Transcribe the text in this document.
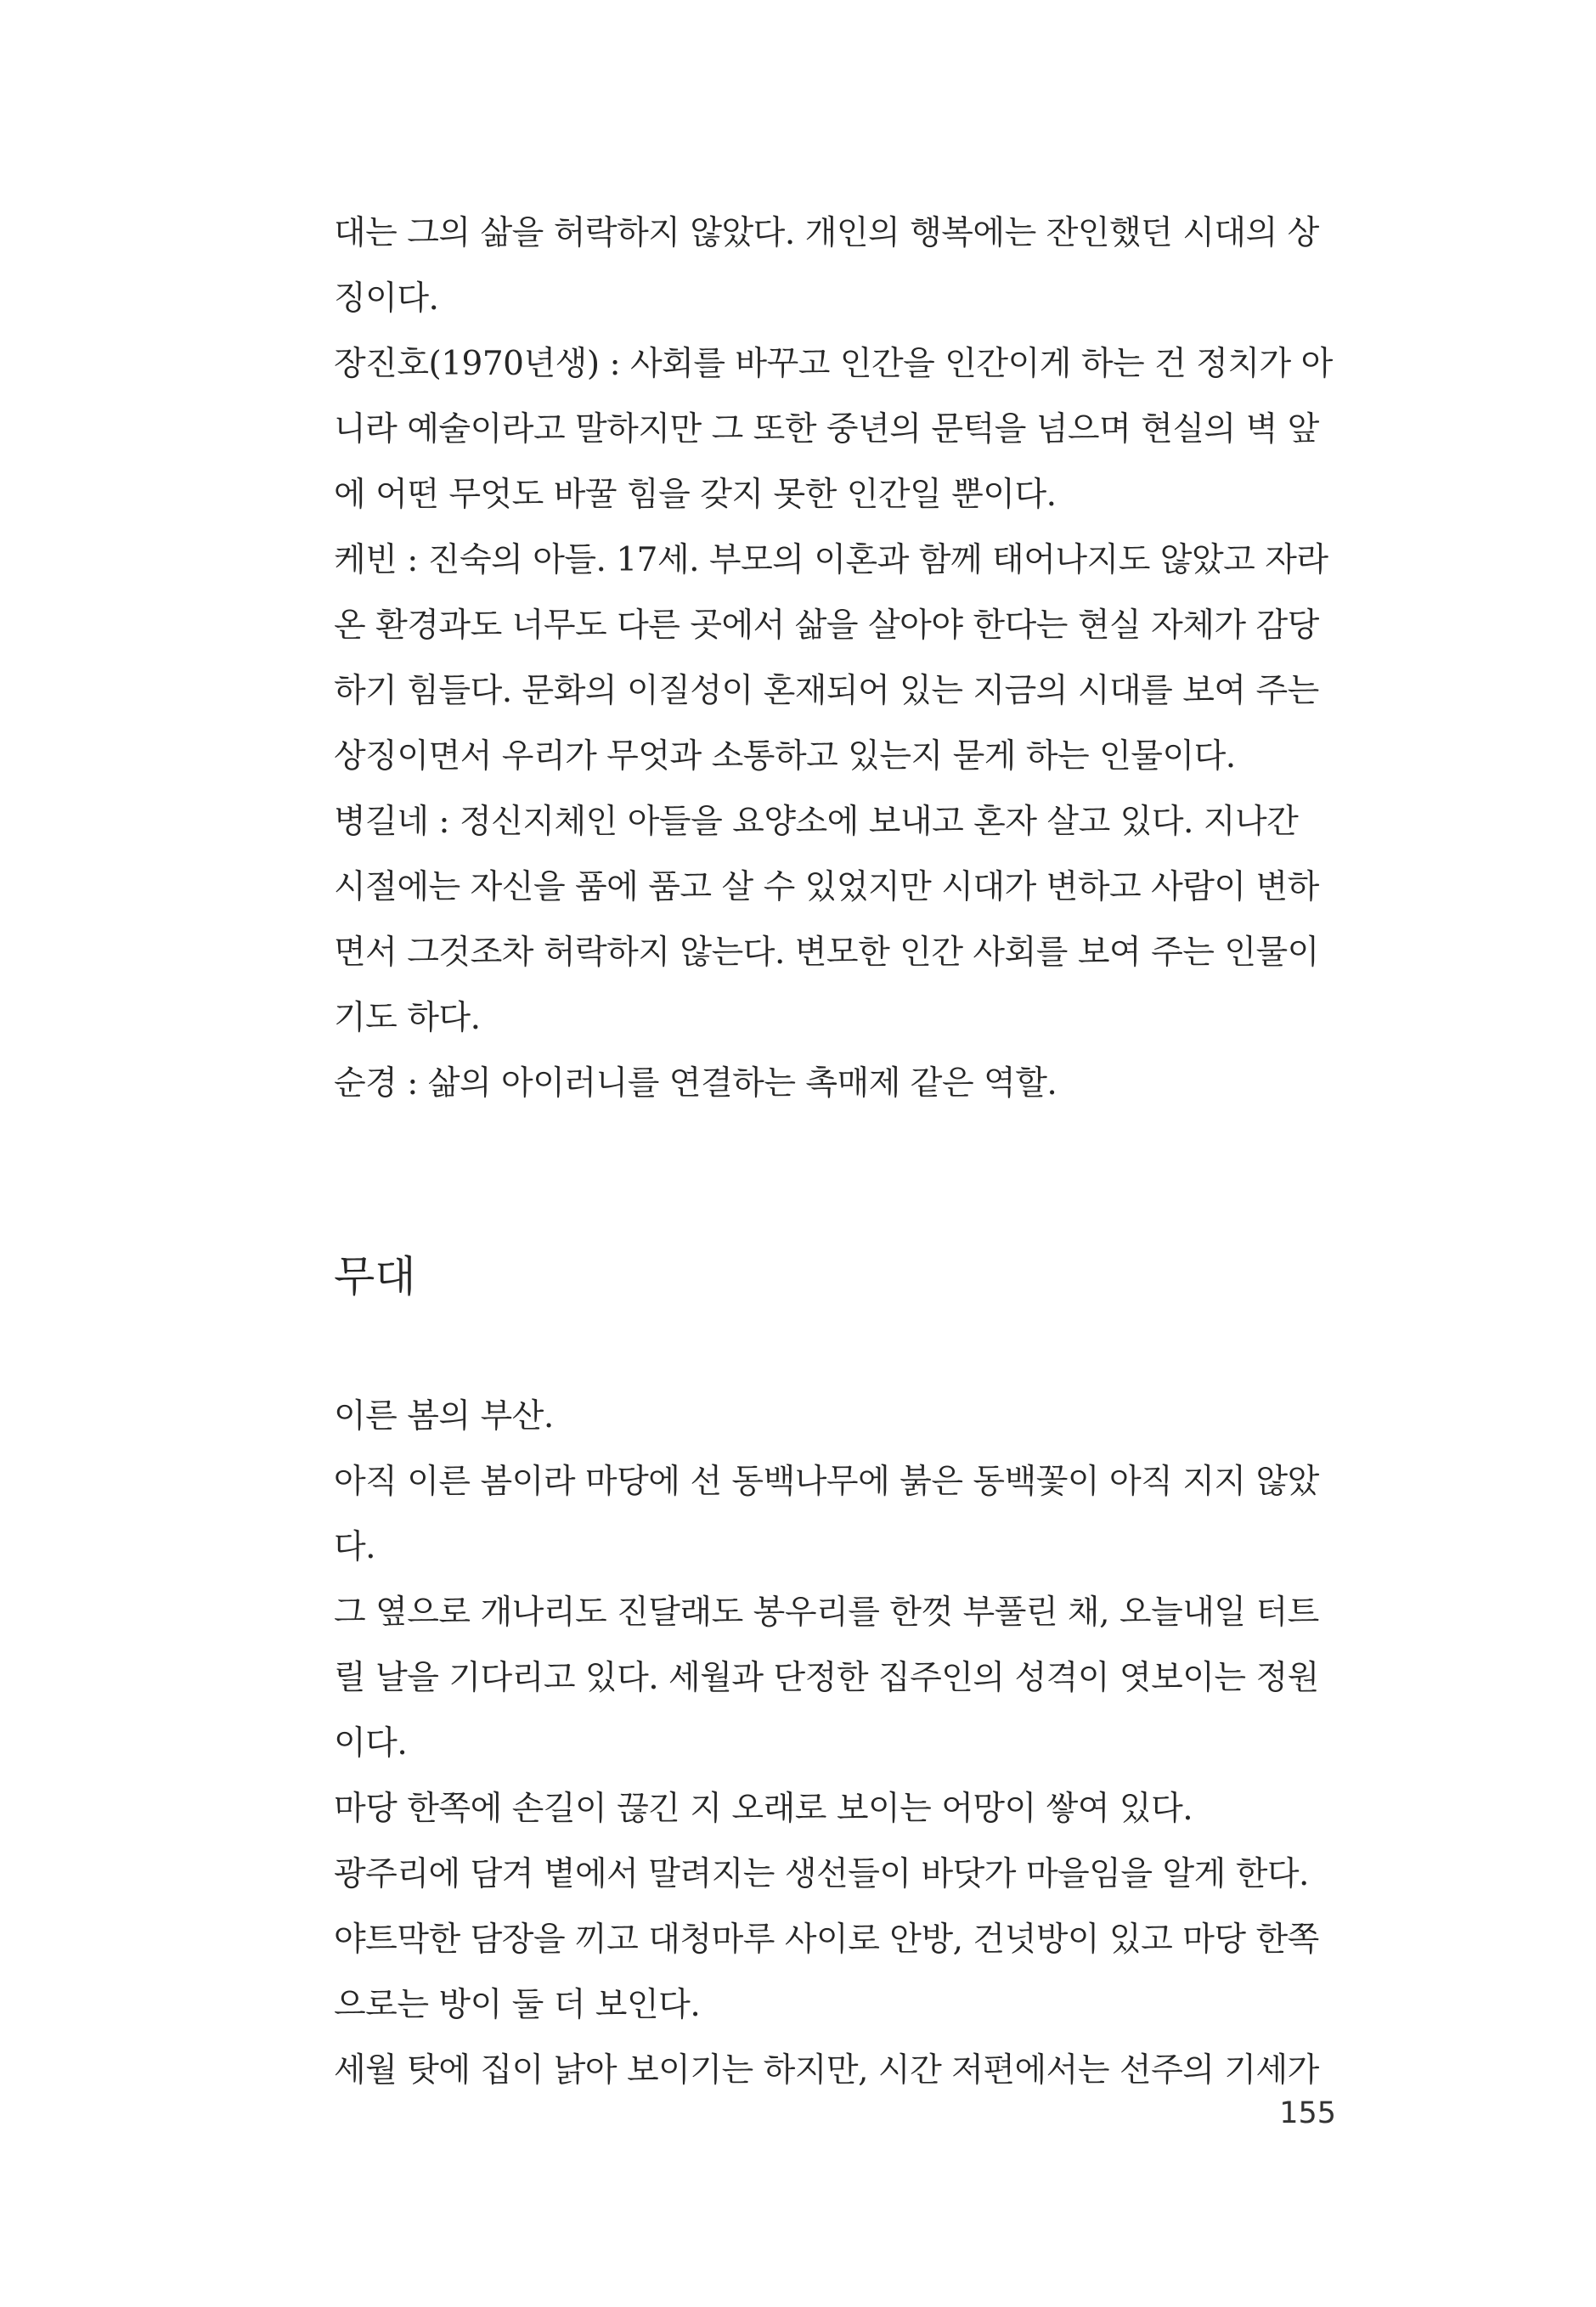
대는 그의 삶을 허락하지 않았다. 개인의 행복에는 잔인했던 시대의 상징이다.

장진호(1970년생) : 사회를 바꾸고 인간을 인간이게 하는 건 정치가 아니라 예술이라고 말하지만 그 또한 중년의 문턱을 넘으며 현실의 벽 앞에 어떤 무엇도 바꿀 힘을 갖지 못한 인간일 뿐이다.

케빈 : 진숙의 아들. 17세. 부모의 이혼과 함께 태어나지도 않았고 자라온 환경과도 너무도 다른 곳에서 삶을 살아야 한다는 현실 자체가 감당하기 힘들다. 문화의 이질성이 혼재되어 있는 지금의 시대를 보여 주는 상징이면서 우리가 무엇과 소통하고 있는지 묻게 하는 인물이다.

병길네 : 정신지체인 아들을 요양소에 보내고 혼자 살고 있다. 지나간 시절에는 자신을 품에 품고 살 수 있었지만 시대가 변하고 사람이 변하면서 그것조차 허락하지 않는다. 변모한 인간 사회를 보여 주는 인물이기도 하다.

순경 : 삶의 아이러니를 연결하는 촉매제 같은 역할.

무대

이른 봄의 부산.

아직 이른 봄이라 마당에 선 동백나무에 붉은 동백꽃이 아직 지지 않았다.

그 옆으로 개나리도 진달래도 봉우리를 한껏 부풀린 채, 오늘내일 터트릴 날을 기다리고 있다. 세월과 단정한 집주인의 성격이 엿보이는 정원이다.

마당 한쪽에 손길이 끊긴 지 오래로 보이는 어망이 쌓여 있다.

광주리에 담겨 볕에서 말려지는 생선들이 바닷가 마을임을 알게 한다.

야트막한 담장을 끼고 대청마루 사이로 안방, 건넛방이 있고 마당 한쪽으로는 방이 둘 더 보인다.

세월 탓에 집이 낡아 보이기는 하지만, 시간 저편에서는 선주의 기세가

155
